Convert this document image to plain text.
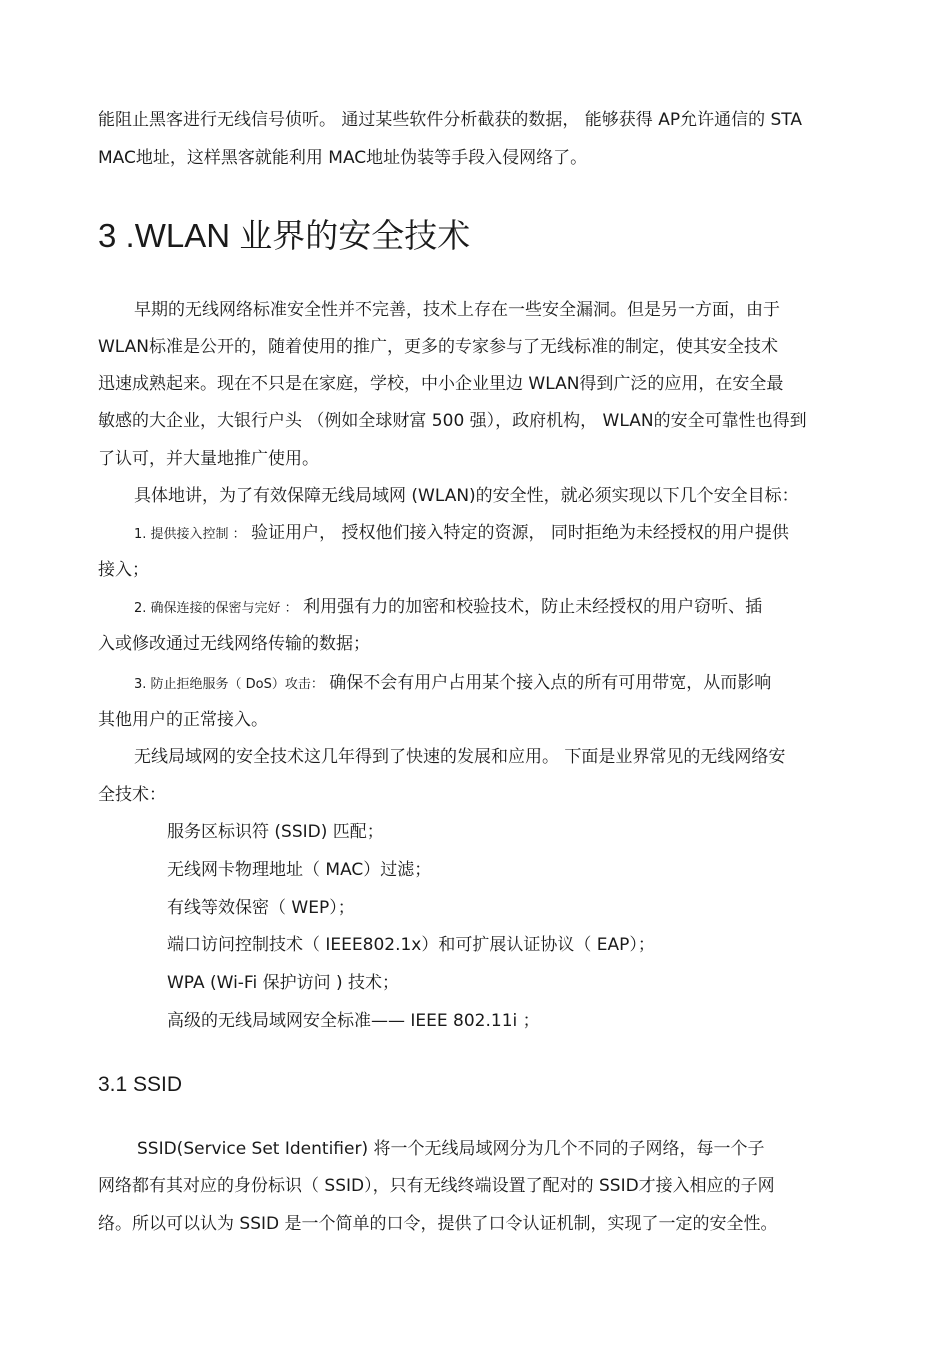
能阻止黑客进行无线信号侦听。 通过某些软件分析截获的数据， 能够获得 AP允许通信的 STA
MAC地址，这样黑客就能利用 MAC地址伪装等手段入侵网络了。
3 .WLAN 业界的安全技术
早期的无线网络标准安全性并不完善，技术上存在一些安全漏洞。但是另一方面，由于
WLAN标准是公开的，随着使用的推广，更多的专家参与了无线标准的制定，使其安全技术
迅速成熟起来。现在不只是在家庭，学校，中小企业里边 WLAN得到广泛的应用，在安全最
敏感的大企业，大银行户头 （例如全球财富 500 强），政府机构， WLAN的安全可靠性也得到
了认可，并大量地推广使用。
具体地讲，为了有效保障无线局域网 (WLAN)的安全性，就必须实现以下几个安全目标：
1. 提供接入控制 ： 验证用户， 授权他们接入特定的资源， 同时拒绝为未经授权的用户提供
接入；
2. 确保连接的保密与完好 ： 利用强有力的加密和校验技术，防止未经授权的用户窃听、插
入或修改通过无线网络传输的数据；
3. 防止拒绝服务（ DoS）攻击： 确保不会有用户占用某个接入点的所有可用带宽，从而影响
其他用户的正常接入。
无线局域网的安全技术这几年得到了快速的发展和应用。 下面是业界常见的无线网络安
全技术：
服务区标识符 (SSID) 匹配；
无线网卡物理地址（ MAC）过滤；
有线等效保密（ WEP）；
端口访问控制技术（ IEEE802.1x）和可扩展认证协议（ EAP）；
WPA (Wi-Fi 保护访问 ) 技术；
高级的无线局域网安全标准—— IEEE 802.11i ；
3.1 SSID
SSID(Service Set Identifier) 将一个无线局域网分为几个不同的子网络，每一个子
网络都有其对应的身份标识（ SSID），只有无线终端设置了配对的 SSID才接入相应的子网
络。所以可以认为 SSID 是一个简单的口令，提供了口令认证机制，实现了一定的安全性。
